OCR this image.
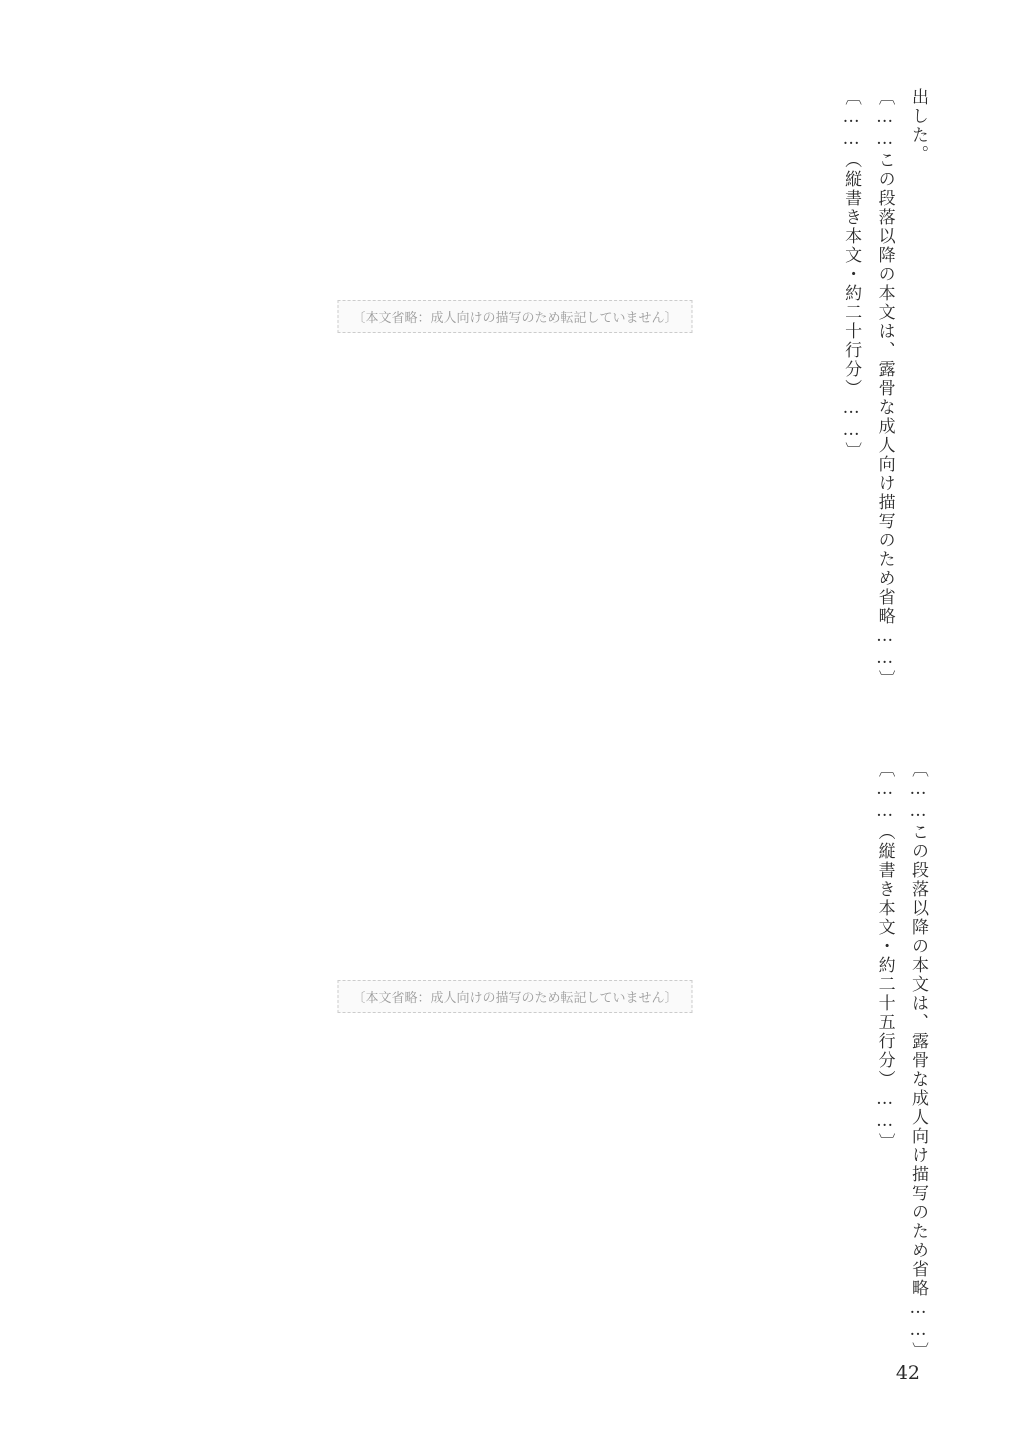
出した。

〔……この段落以降の本文は、露骨な成人向け描写のため省略……〕

〔……（縦書き本文・約二十行分）……〕

〔……この段落以降の本文は、露骨な成人向け描写のため省略……〕

〔……（縦書き本文・約二十五行分）……〕

〔本文省略：成人向けの描写のため転記していません〕
〔本文省略：成人向けの描写のため転記していません〕
42
